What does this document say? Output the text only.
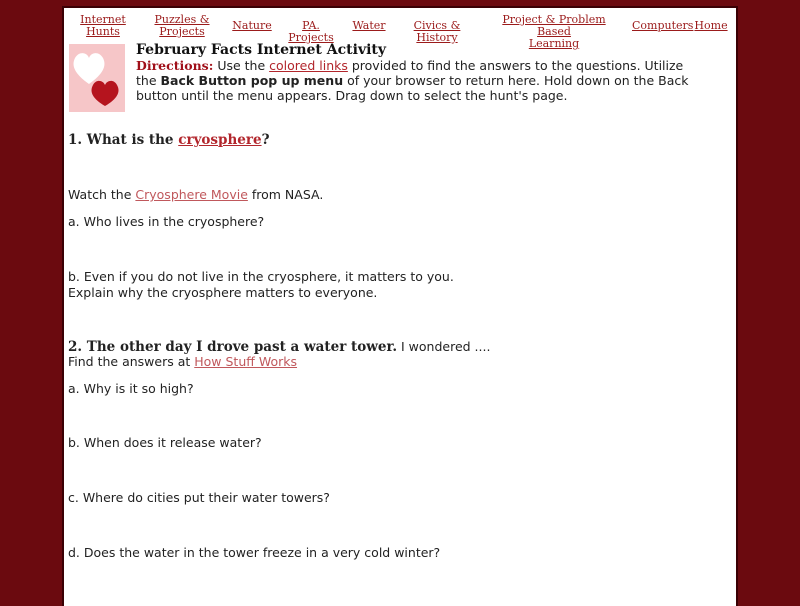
Internet
Hunts
Puzzles &
Projects	Nature	PA. Projects
Water	Civics & History
Project & Problem Based
Learning
Computers Home
February Facts Internet Activity
Directions: Use the colored links provided to find the answers to the questions. Utilize the Back Button pop up menu of your browser to return here. Hold down on the Back button until the menu appears. Drag down to select the hunt's page.
1. What is the cryosphere?
Watch the Cryosphere Movie from NASA.
a. Who lives in the cryosphere?
b. Even if you do not live in the cryosphere, it matters to you.
Explain why the cryosphere matters to everyone.
2. The other day I drove past a water tower. I wondered ....
Find the answers at How Stuff Works
a. Why is it so high?
b. When does it release water?
c. Where do cities put their water towers?
d. Does the water in the tower freeze in a very cold winter?
